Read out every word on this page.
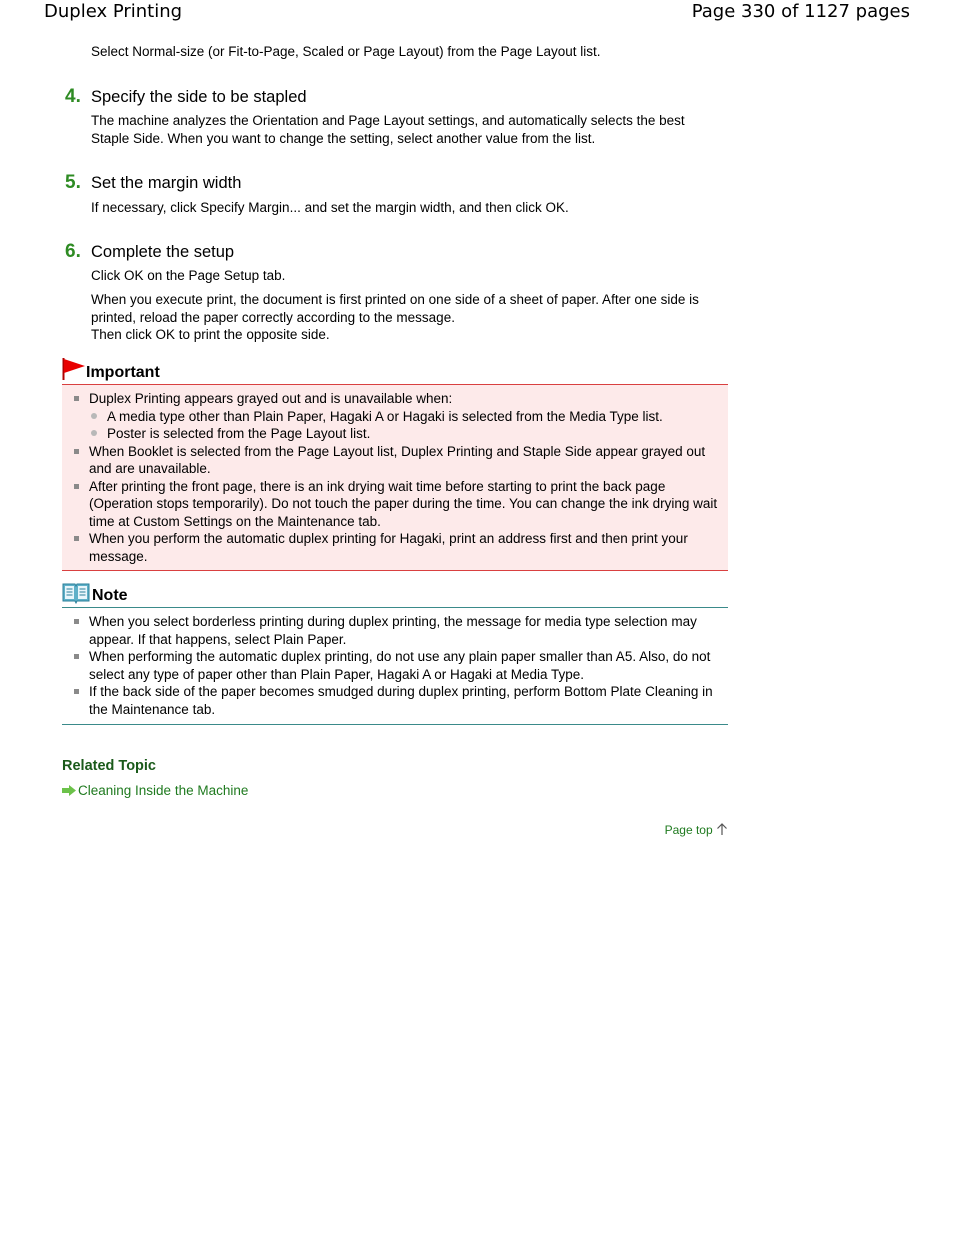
Duplex Printing	Page 330 of 1127 pages
Select Normal-size (or Fit-to-Page, Scaled or Page Layout) from the Page Layout list.
4. Specify the side to be stapled
The machine analyzes the Orientation and Page Layout settings, and automatically selects the best Staple Side. When you want to change the setting, select another value from the list.
5. Set the margin width
If necessary, click Specify Margin... and set the margin width, and then click OK.
6. Complete the setup
Click OK on the Page Setup tab.
When you execute print, the document is first printed on one side of a sheet of paper. After one side is printed, reload the paper correctly according to the message.
Then click OK to print the opposite side.
Important
Duplex Printing appears grayed out and is unavailable when:
A media type other than Plain Paper, Hagaki A or Hagaki is selected from the Media Type list.
Poster is selected from the Page Layout list.
When Booklet is selected from the Page Layout list, Duplex Printing and Staple Side appear grayed out and are unavailable.
After printing the front page, there is an ink drying wait time before starting to print the back page (Operation stops temporarily). Do not touch the paper during the time. You can change the ink drying wait time at Custom Settings on the Maintenance tab.
When you perform the automatic duplex printing for Hagaki, print an address first and then print your message.
Note
When you select borderless printing during duplex printing, the message for media type selection may appear. If that happens, select Plain Paper.
When performing the automatic duplex printing, do not use any plain paper smaller than A5. Also, do not select any type of paper other than Plain Paper, Hagaki A or Hagaki at Media Type.
If the back side of the paper becomes smudged during duplex printing, perform Bottom Plate Cleaning in the Maintenance tab.
Related Topic
Cleaning Inside the Machine
Page top
